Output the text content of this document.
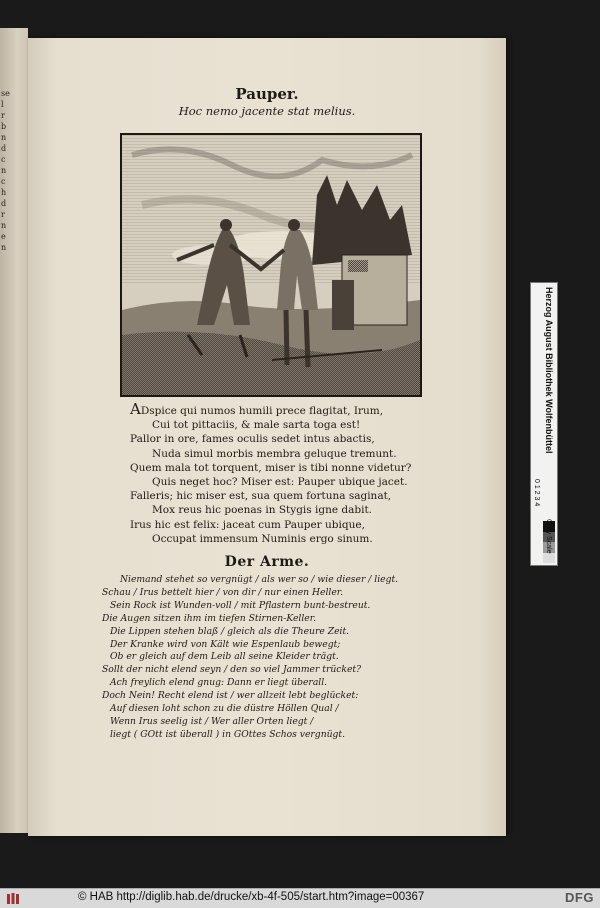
se
l
r
b
n
d
c
n
c
h
d
r
n
e
n
Pauper.
Hoc nemo jacente stat melius.
ADspice qui numos humili prece flagitat, Irum,
Cui tot pittaciis, & male sarta toga est!
Pallor in ore, fames oculis sedet intus abactis,
Nuda simul morbis membra geluque tremunt.
Quem mala tot torquent, miser is tibi nonne videtur?
Quis neget hoc? Miser est: Pauper ubique jacet.
Falleris; hic miser est, sua quem fortuna saginat,
Mox reus hic poenas in Stygis igne dabit.
Irus hic est felix: jaceat cum Pauper ubique,
Occupat immensum Numinis ergo sinum.
Der Arme.
Niemand stehet so vergnügt / als wer so / wie dieser / liegt.
Schau / Irus bettelt hier / von dir / nur einen Heller.
Sein Rock ist Wunden-voll / mit Pflastern bunt-bestreut.
Die Augen sitzen ihm im tiefen Stirnen-Keller.
Die Lippen stehen blaß / gleich als die Theure Zeit.
Der Kranke wird von Kält wie Espenlaub bewegt;
Ob er gleich auf dem Leib all seine Kleider trägt.
Sollt der nicht elend seyn / den so viel Jammer trücket?
Ach freylich elend gnug: Dann er liegt überall.
Doch Nein! Recht elend ist / wer allzeit lebt beglücket:
Auf diesen loht schon zu die düstre Höllen Qual /
Wenn Irus seelig ist / Wer aller Orten liegt /
liegt ( GOtt ist überall ) in GOttes Schos vergnügt.
Herzog August Bibliothek Wolfenbüttel
Gray Scale
0 1 2 3 4
© HAB http://diglib.hab.de/drucke/xb-4f-505/start.htm?image=00367	DFG
